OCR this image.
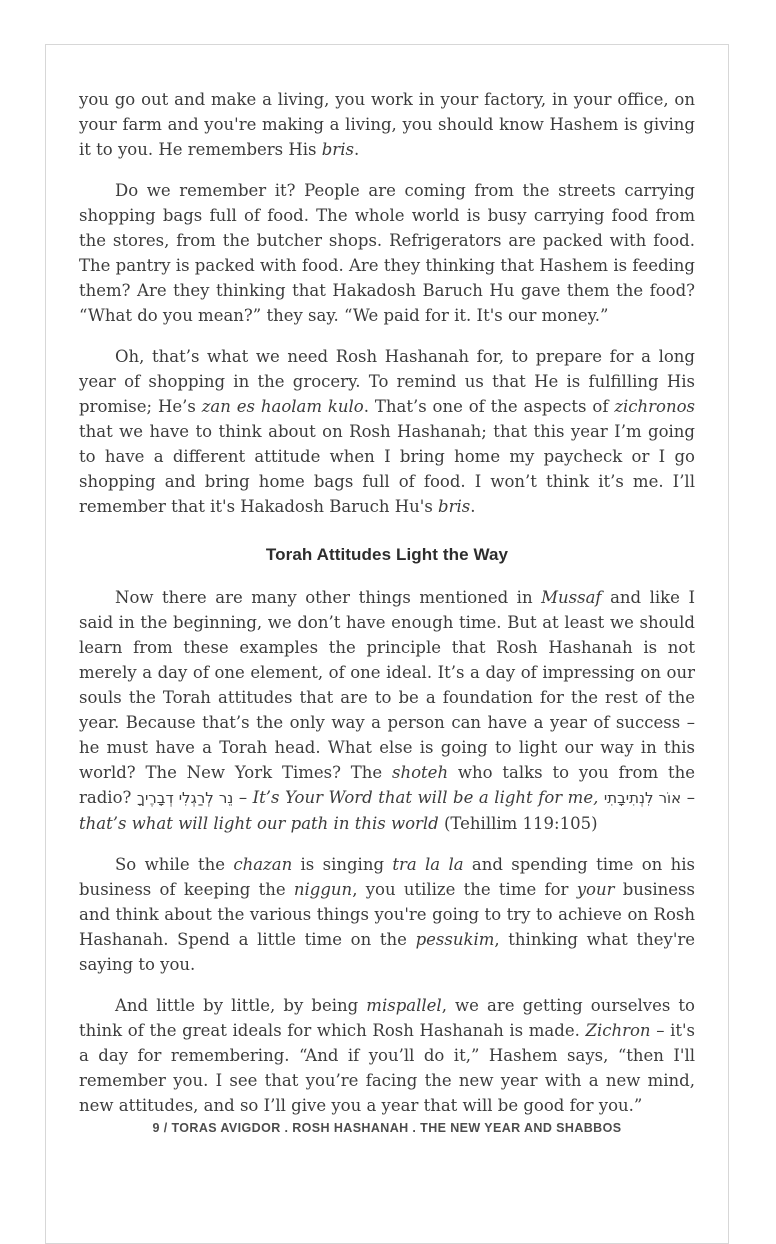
you go out and make a living, you work in your factory, in your office, on your farm and you're making a living, you should know Hashem is giving it to you. He remembers His bris.

Do we remember it? People are coming from the streets carrying shopping bags full of food. The whole world is busy carrying food from the stores, from the butcher shops. Refrigerators are packed with food. The pantry is packed with food. Are they thinking that Hashem is feeding them? Are they thinking that Hakadosh Baruch Hu gave them the food? “What do you mean?” they say. “We paid for it. It's our money.”

Oh, that’s what we need Rosh Hashanah for, to prepare for a long year of shopping in the grocery. To remind us that He is fulfilling His promise; He’s zan es haolam kulo. That’s one of the aspects of zichronos that we have to think about on Rosh Hashanah; that this year I’m going to have a different attitude when I bring home my paycheck or I go shopping and bring home bags full of food. I won’t think it’s me. I’ll remember that it's Hakadosh Baruch Hu's bris.

Torah Attitudes Light the Way

Now there are many other things mentioned in Mussaf and like I said in the beginning, we don’t have enough time. But at least we should learn from these examples the principle that Rosh Hashanah is not merely a day of one element, of one ideal. It’s a day of impressing on our souls the Torah attitudes that are to be a foundation for the rest of the year. Because that’s the only way a person can have a year of success – he must have a Torah head. What else is going to light our way in this world? The New York Times? The shoteh who talks to you from the radio? נֵר לְרַגְלִי דְבָרֶיךָ – It’s Your Word that will be a light for me, אוֹר לִנְתִיבָתִי – that’s what will light our path in this world (Tehillim 119:105)

So while the chazan is singing tra la la and spending time on his business of keeping the niggun, you utilize the time for your business and think about the various things you're going to try to achieve on Rosh Hashanah. Spend a little time on the pessukim, thinking what they're saying to you.

And little by little, by being mispallel, we are getting ourselves to think of the great ideals for which Rosh Hashanah is made. Zichron – it's a day for remembering. “And if you’ll do it,” Hashem says, “then I'll remember you. I see that you’re facing the new year with a new mind, new attitudes, and so I’ll give you a year that will be good for you.”

9 / TORAS AVIGDOR . ROSH HASHANAH . THE NEW YEAR AND SHABBOS
